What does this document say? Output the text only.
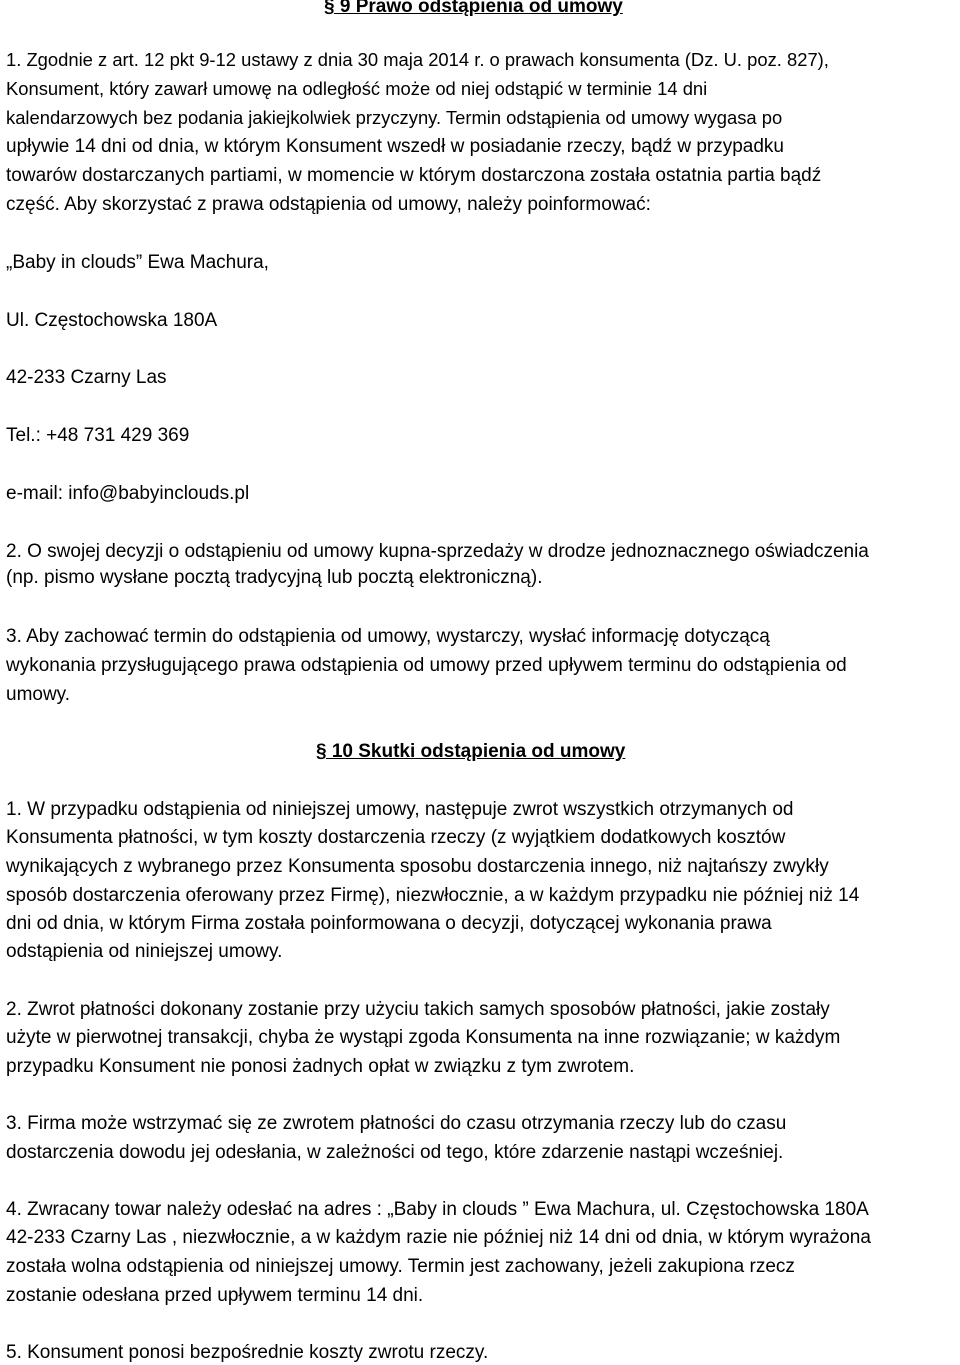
§ 9 Prawo odstąpienia od umowy
1. Zgodnie z art. 12 pkt 9-12 ustawy z dnia 30 maja 2014 r. o prawach konsumenta (Dz. U. poz. 827),
Konsument, który zawarł umowę na odległość może od niej odstąpić w terminie 14 dni
kalendarzowych bez podania jakiejkolwiek przyczyny. Termin odstąpienia od umowy wygasa po
upływie 14 dni od dnia, w którym Konsument wszedł w posiadanie rzeczy, bądź w przypadku
towarów dostarczanych partiami, w momencie w którym dostarczona została ostatnia partia bądź
część. Aby skorzystać z prawa odstąpienia od umowy, należy poinformować:
„Baby in clouds” Ewa Machura,
Ul. Częstochowska 180A
42-233 Czarny Las
Tel.: +48 731 429 369
e-mail: info@babyinclouds.pl
2. O swojej decyzji o odstąpieniu od umowy kupna-sprzedaży w drodze jednoznacznego oświadczenia
(np. pismo wysłane pocztą tradycyjną lub pocztą elektroniczną).
3. Aby zachować termin do odstąpienia od umowy, wystarczy, wysłać informację dotyczącą
wykonania przysługującego prawa odstąpienia od umowy przed upływem terminu do odstąpienia od
umowy.
§ 10 Skutki odstąpienia od umowy
1. W przypadku odstąpienia od niniejszej umowy, następuje zwrot wszystkich otrzymanych od
Konsumenta płatności, w tym koszty dostarczenia rzeczy (z wyjątkiem dodatkowych kosztów
wynikających z wybranego przez Konsumenta sposobu dostarczenia innego, niż najtańszy zwykły
sposób dostarczenia oferowany przez Firmę), niezwłocznie, a w każdym przypadku nie później niż 14
dni od dnia, w którym Firma została poinformowana o decyzji, dotyczącej wykonania prawa
odstąpienia od niniejszej umowy.
2. Zwrot płatności dokonany zostanie przy użyciu takich samych sposobów płatności, jakie zostały
użyte w pierwotnej transakcji, chyba że wystąpi zgoda Konsumenta na inne rozwiązanie; w każdym
przypadku Konsument nie ponosi żadnych opłat w związku z tym zwrotem.
3. Firma może wstrzymać się ze zwrotem płatności do czasu otrzymania rzeczy lub do czasu
dostarczenia dowodu jej odesłania, w zależności od tego, które zdarzenie nastąpi wcześniej.
4. Zwracany towar należy odesłać na adres : „Baby in clouds ” Ewa Machura, ul. Częstochowska 180A
42-233 Czarny Las , niezwłocznie, a w każdym razie nie później niż 14 dni od dnia, w którym wyrażona
została wolna odstąpienia od niniejszej umowy. Termin jest zachowany, jeżeli zakupiona rzecz
zostanie odesłana przed upływem terminu 14 dni.
5. Konsument ponosi bezpośrednie koszty zwrotu rzeczy.
